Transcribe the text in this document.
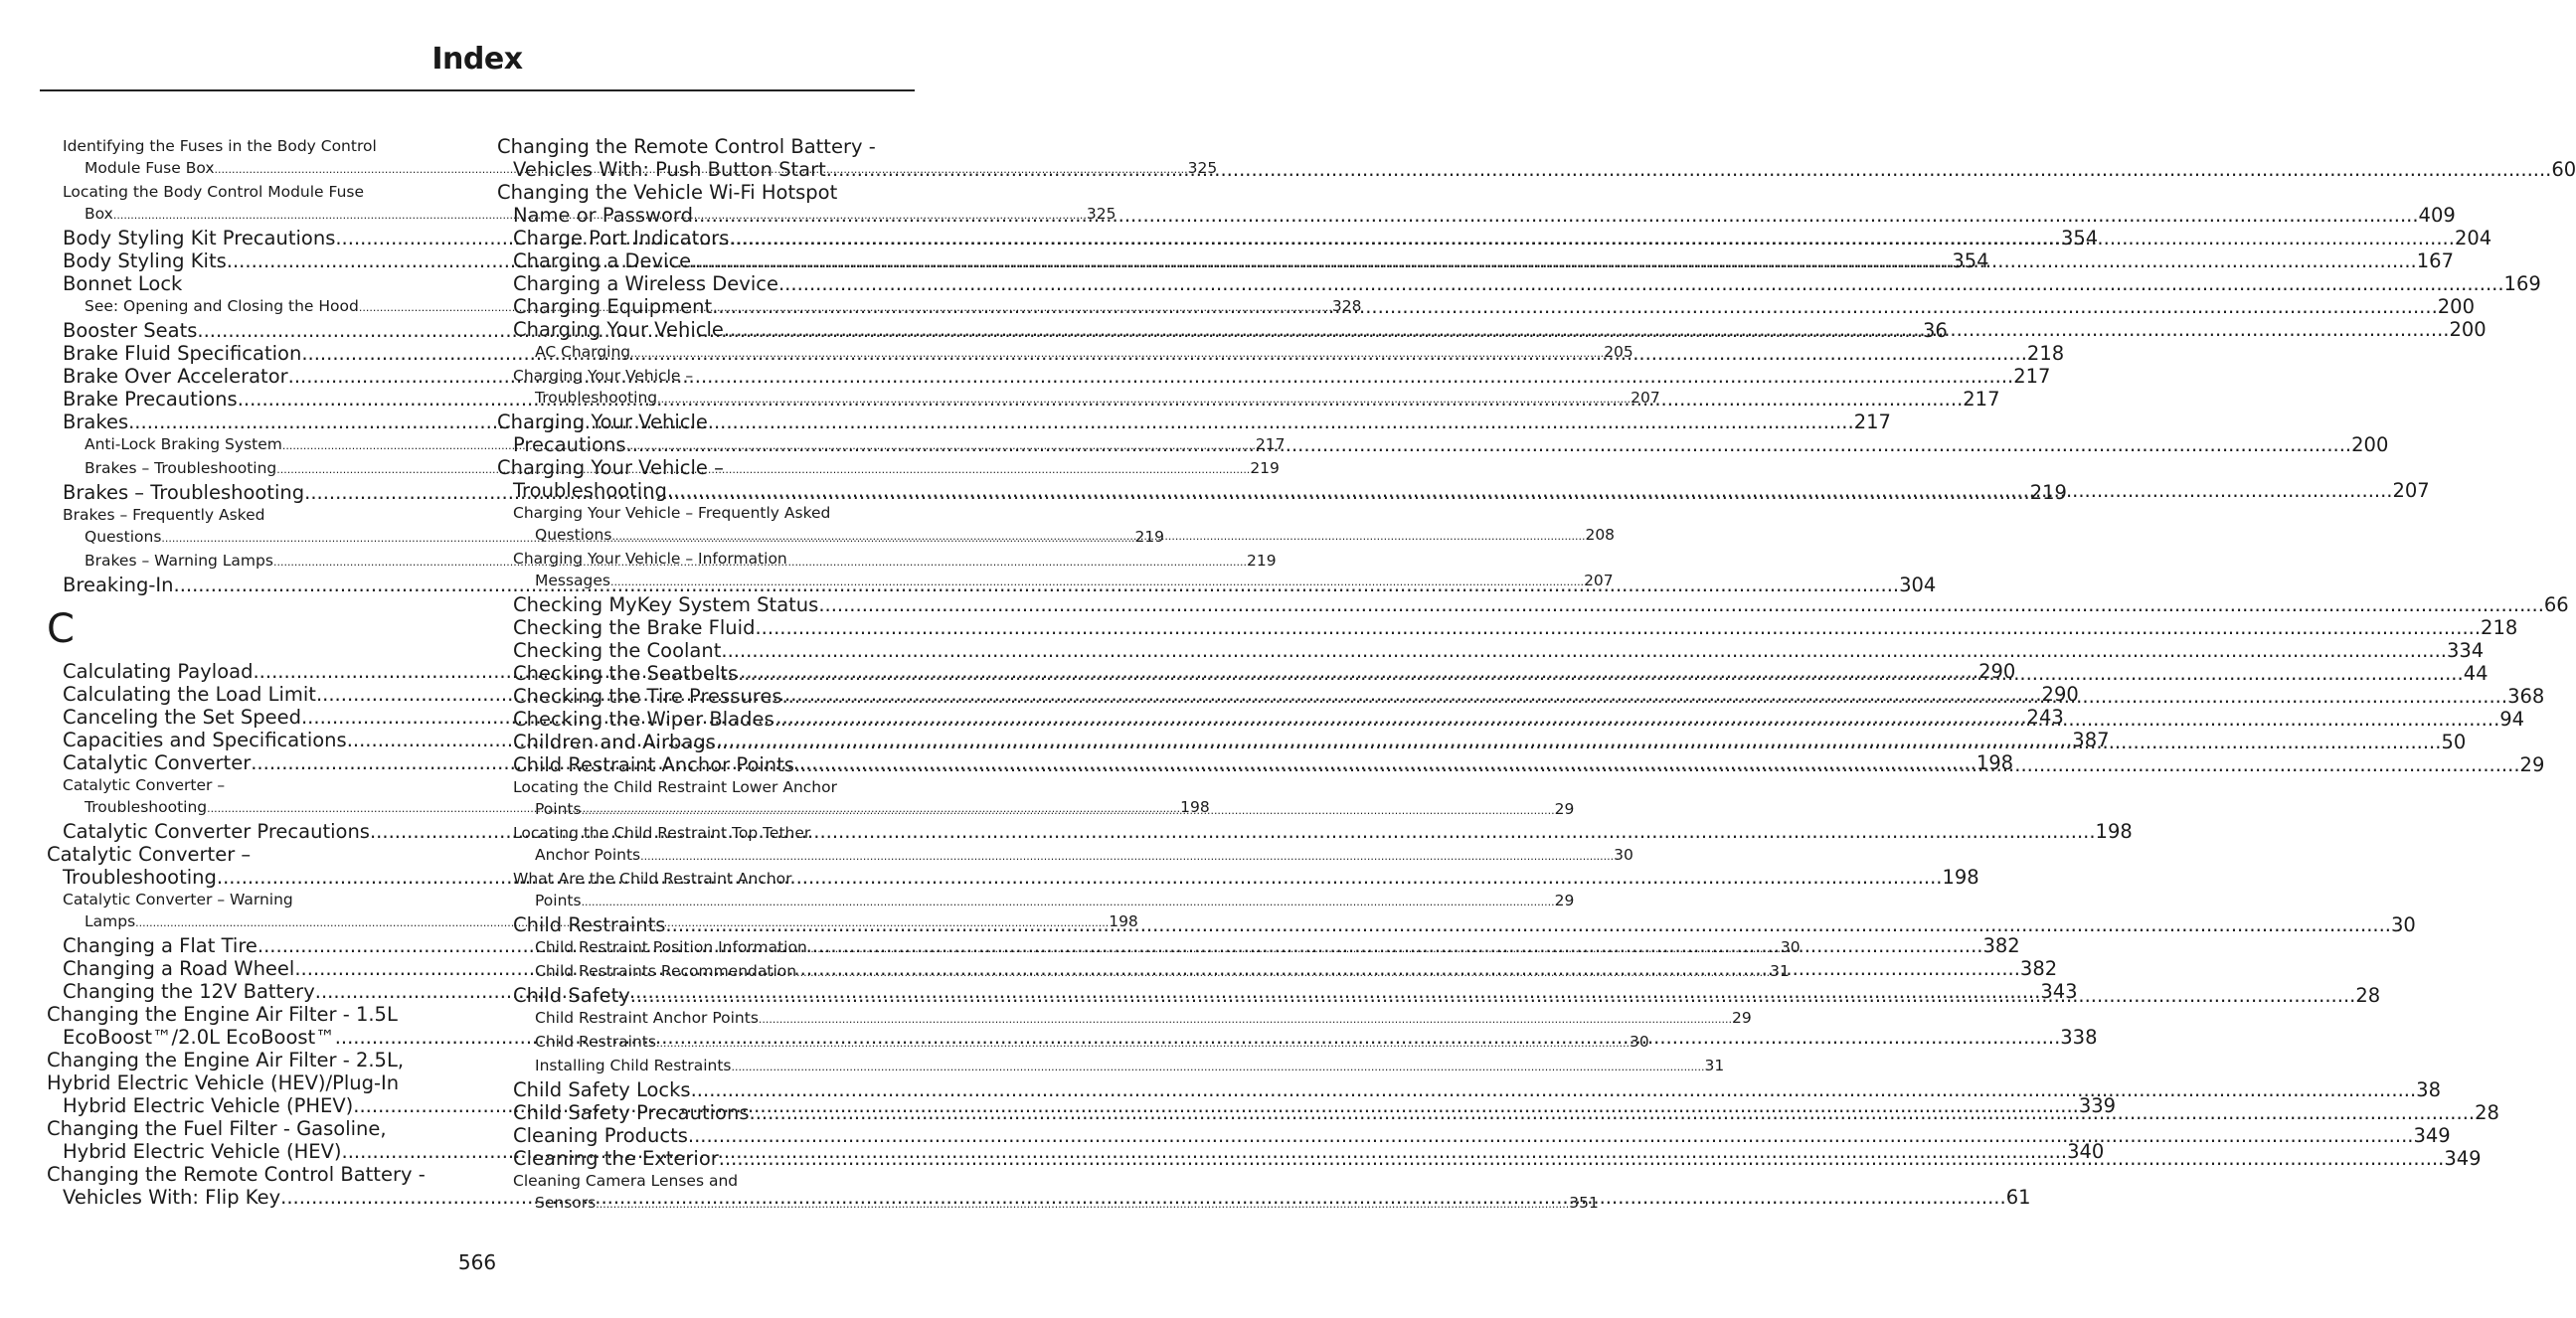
Index
Identifying the Fuses in the Body Control
Module Fuse Box .....	325
Locating the Body Control Module Fuse
Box .....	325
Body Styling Kit Precautions .....	354
Body Styling Kits .....	354
Bonnet Lock
See: Opening and Closing the Hood .....	328
Booster Seats .....	36
Brake Fluid Specification .....	218
Brake Over Accelerator .....	217
Brake Precautions .....	217
Brakes .....	217
Anti-Lock Braking System .....	217
Brakes – Troubleshooting .....	219
Brakes – Troubleshooting .....	219
Brakes – Frequently Asked
Questions .....	219
Brakes – Warning Lamps .....	219
Breaking-In .....	304
C
Calculating Payload .....	290
Calculating the Load Limit .....	290
Canceling the Set Speed .....	243
Capacities and Specifications .....	387
Catalytic Converter .....	198
Catalytic Converter –
Troubleshooting .....	198
Catalytic Converter Precautions .....	198
Catalytic Converter –
Troubleshooting .....	198
Catalytic Converter – Warning
Lamps .....	198
Changing a Flat Tire .....	382
Changing a Road Wheel .....	382
Changing the 12V Battery .....	343
Changing the Engine Air Filter - 1.5L
EcoBoost™/2.0L EcoBoost™ .....	338
Changing the Engine Air Filter - 2.5L,
Hybrid Electric Vehicle (HEV)/Plug-In
Hybrid Electric Vehicle (PHEV) .....	339
Changing the Fuel Filter - Gasoline,
Hybrid Electric Vehicle (HEV) .....	340
Changing the Remote Control Battery -
Vehicles With: Flip Key .....	61
Changing the Remote Control Battery -
Vehicles With: Push Button Start .....	60
Changing the Vehicle Wi-Fi Hotspot
Name or Password .....	409
Charge Port Indicators .....	204
Charging a Device .....	167
Charging a Wireless Device .....	169
Charging Equipment .....	200
Charging Your Vehicle .....	200
AC Charging .....	205
Charging Your Vehicle –
Troubleshooting .....	207
Charging Your Vehicle
Precautions .....	200
Charging Your Vehicle –
Troubleshooting .....	207
Charging Your Vehicle – Frequently Asked
Questions .....	208
Charging Your Vehicle – Information
Messages .....	207
Checking MyKey System Status .....	66
Checking the Brake Fluid .....	218
Checking the Coolant .....	334
Checking the Seatbelts .....	44
Checking the Tire Pressures .....	368
Checking the Wiper Blades .....	94
Children and Airbags .....	50
Child Restraint Anchor Points .....	29
Locating the Child Restraint Lower Anchor
Points .....	29
Locating the Child Restraint Top Tether
Anchor Points .....	30
What Are the Child Restraint Anchor
Points .....	29
Child Restraints .....	30
Child Restraint Position Information .....	30
Child Restraints Recommendation .....	31
Child Safety .....	28
Child Restraint Anchor Points .....	29
Child Restraints .....	30
Installing Child Restraints .....	31
Child Safety Locks .....	38
Child Safety Precautions .....	28
Cleaning Products .....	349
Cleaning the Exterior .....	349
Cleaning Camera Lenses and
Sensors .....	351
566
